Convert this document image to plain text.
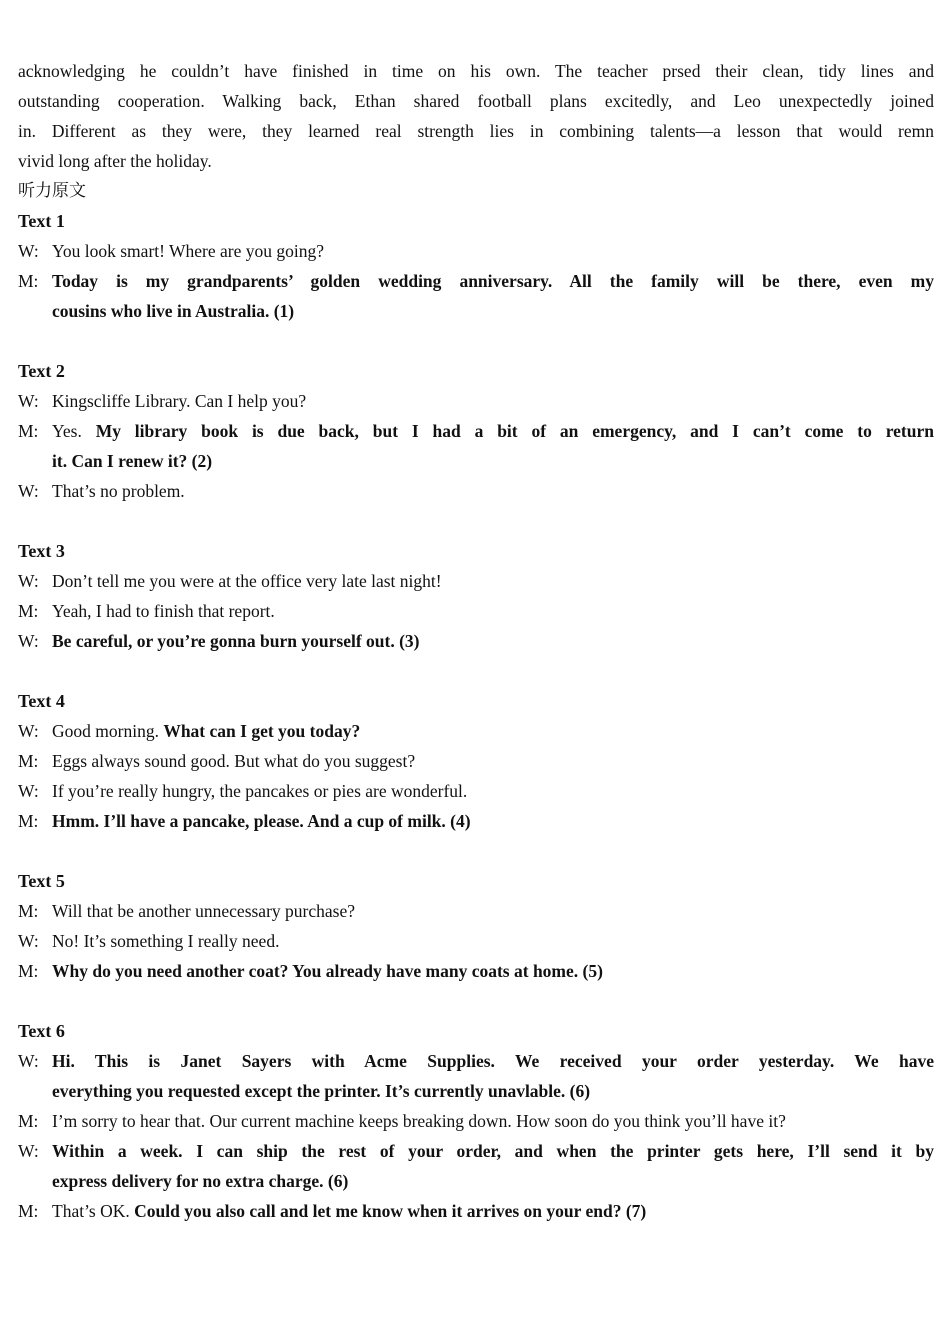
acknowledging he couldn’t have finished in time on his own. The teacher prsed their clean, tidy lines and
outstanding cooperation. Walking back, Ethan shared football plans excitedly, and Leo unexpectedly joined
in. Different as they were, they learned real strength lies in combining talents—a lesson that would remn
vivid long after the holiday.
听力原文
Text 1
W: You look smart! Where are you going?
M: Today is my grandparents’ golden wedding anniversary. All the family will be there, even my
cousins who live in Australia. (1)
Text 2
W: Kingscliffe Library. Can I help you?
M: Yes. My library book is due back, but I had a bit of an emergency, and I can’t come to return
it. Can I renew it? (2)
W: That’s no problem.
Text 3
W: Don’t tell me you were at the office very late last night!
M: Yeah, I had to finish that report.
W: Be careful, or you’re gonna burn yourself out. (3)
Text 4
W: Good morning. What can I get you today?
M: Eggs always sound good. But what do you suggest?
W: If you’re really hungry, the pancakes or pies are wonderful.
M: Hmm. I’ll have a pancake, please. And a cup of milk. (4)
Text 5
M: Will that be another unnecessary purchase?
W: No! It’s something I really need.
M: Why do you need another coat? You already have many coats at home. (5)
Text 6
W: Hi. This is Janet Sayers with Acme Supplies. We received your order yesterday. We have
everything you requested except the printer. It’s currently unavlable. (6)
M: I’m sorry to hear that. Our current machine keeps breaking down. How soon do you think you’ll have it?
W: Within a week. I can ship the rest of your order, and when the printer gets here, I’ll send it by
express delivery for no extra charge. (6)
M: That’s OK. Could you also call and let me know when it arrives on your end? (7)
